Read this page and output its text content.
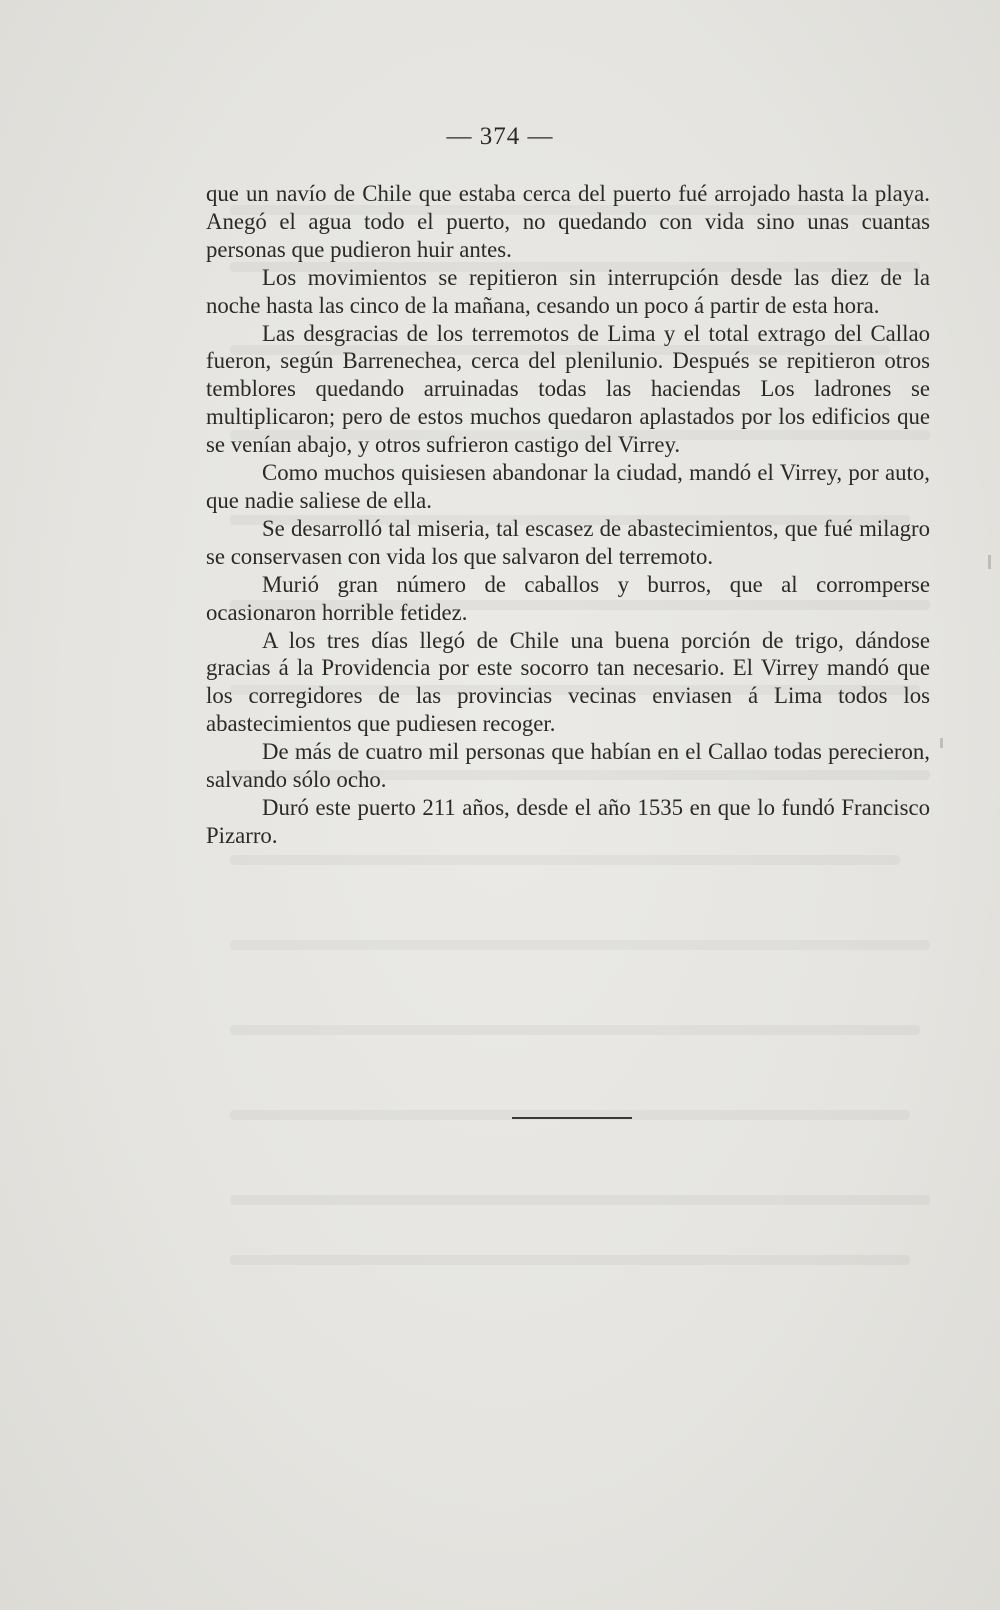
— 374 —

que un navío de Chile que estaba cerca del puerto fué arrojado hasta la playa. Anegó el agua todo el puerto, no quedando con vida sino unas cuantas personas que pudieron huir antes.

Los movimientos se repitieron sin interrupción desde las diez de la noche hasta las cinco de la mañana, cesando un poco á partir de esta hora.

Las desgracias de los terremotos de Lima y el total extrago del Callao fueron, según Barrenechea, cerca del plenilunio. Después se repitieron otros temblores quedando arruinadas todas las haciendas Los ladrones se multiplicaron; pero de estos muchos quedaron aplastados por los edificios que se venían abajo, y otros sufrieron castigo del Virrey.

Como muchos quisiesen abandonar la ciudad, mandó el Virrey, por auto, que nadie saliese de ella.

Se desarrolló tal miseria, tal escasez de abastecimientos, que fué milagro se conservasen con vida los que salvaron del terremoto.

Murió gran número de caballos y burros, que al corromperse ocasionaron horrible fetidez.

A los tres días llegó de Chile una buena porción de trigo, dándose gracias á la Providencia por este socorro tan necesario. El Virrey mandó que los corregidores de las provincias vecinas enviasen á Lima todos los abastecimientos que pudiesen recoger.

De más de cuatro mil personas que habían en el Callao todas perecieron, salvando sólo ocho.

Duró este puerto 211 años, desde el año 1535 en que lo fundó Francisco Pizarro.
